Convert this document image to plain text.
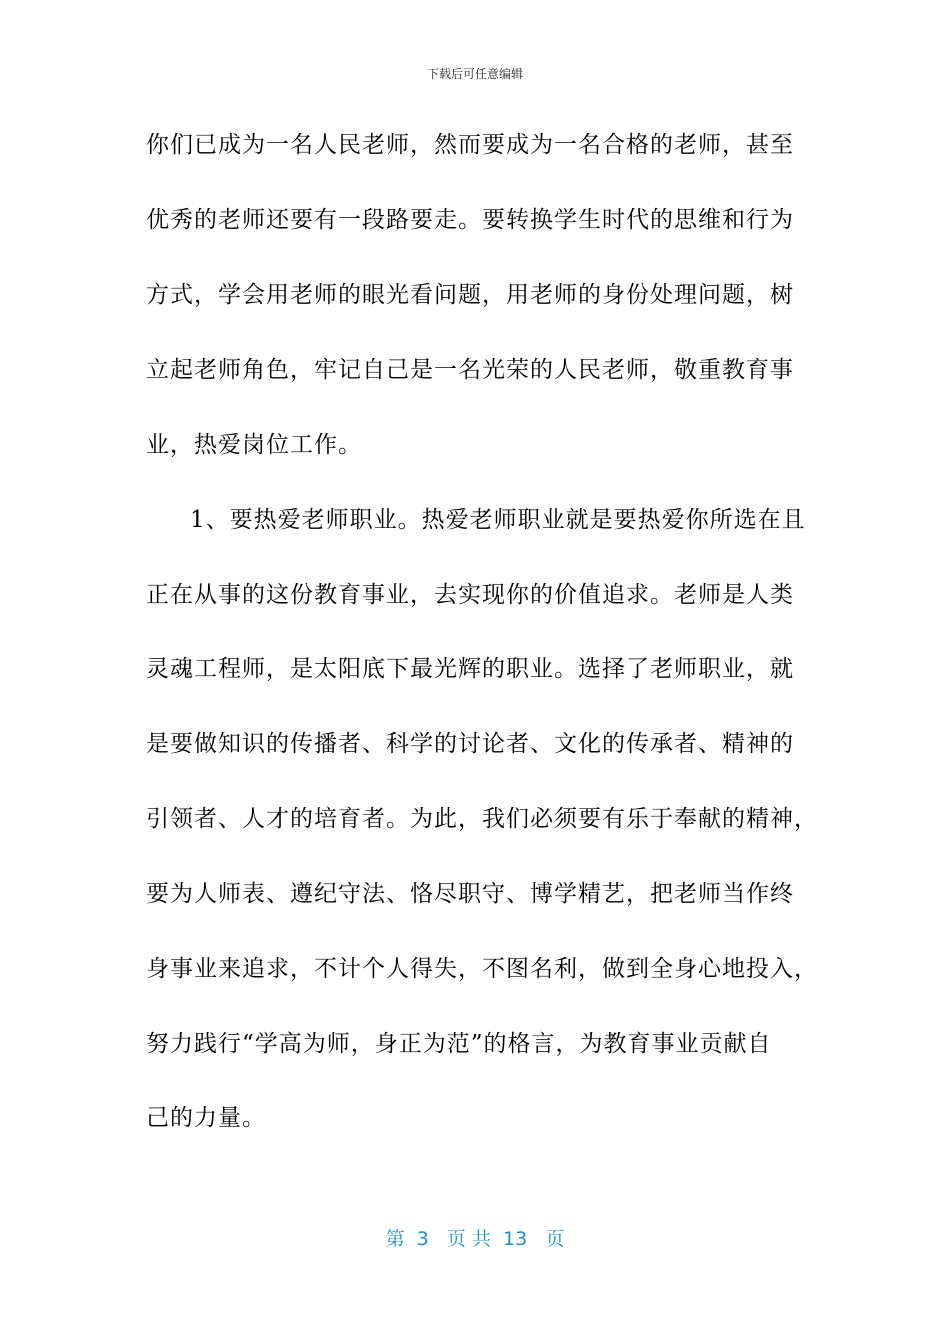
下载后可任意编辑
你们已成为一名人民老师，然而要成为一名合格的老师，甚至
优秀的老师还要有一段路要走。要转换学生时代的思维和行为
方式，学会用老师的眼光看问题，用老师的身份处理问题，树
立起老师角色，牢记自己是一名光荣的人民老师，敬重教育事
业，热爱岗位工作。
1、要热爱老师职业。热爱老师职业就是要热爱你所选在且
正在从事的这份教育事业，去实现你的价值追求。老师是人类
灵魂工程师，是太阳底下最光辉的职业。选择了老师职业，就
是要做知识的传播者、科学的讨论者、文化的传承者、精神的
引领者、人才的培育者。为此，我们必须要有乐于奉献的精神，
要为人师表、遵纪守法、恪尽职守、博学精艺，把老师当作终
身事业来追求，不计个人得失，不图名利，做到全身心地投入，
努力践行“学高为师，身正为范”的格言，为教育事业贡献自
己的力量。
第  3   页 共  13   页
